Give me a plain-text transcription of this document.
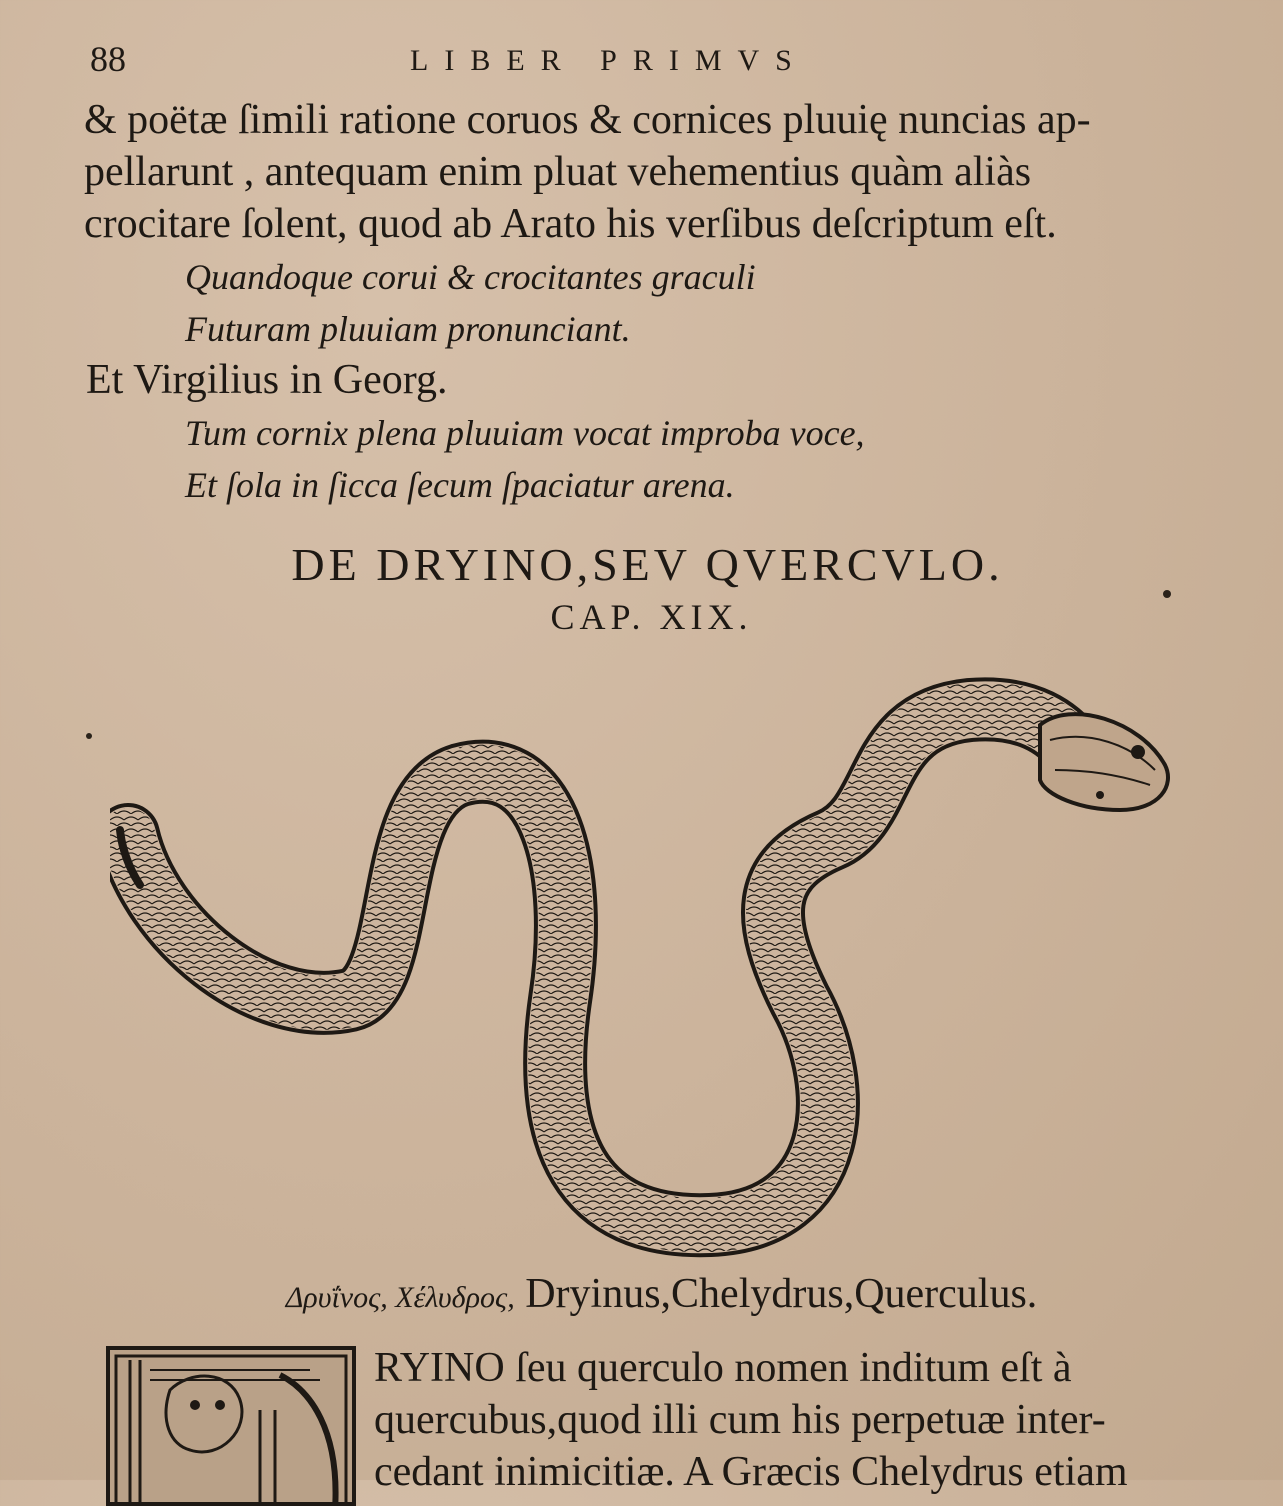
88	LIBER PRIMVS
& poëtæ ſimili ratione coruos & cornices pluuię nuncias ap-
pellarunt , antequam enim pluat vehementius quàm aliàs
crocitare ſolent, quod ab Arato his verſibus deſcriptum eſt.
Quandoque corui & crocitantes graculi
Futuram pluuiam pronunciant.
Et Virgilius in Georg.
Tum cornix plena pluuiam vocat improba voce,
Et ſola in ſicca ſecum ſpaciatur arena.
DE DRYINO,SEV QVERCVLO.
CAP. XIX.
Δρυΐνος, Χέλυδρος, Dryinus,Chelydrus,Querculus.
RYINO ſeu querculo nomen inditum eſt à
quercubus,quod illi cum his perpetuæ inter-
cedant inimicitiæ. A Græcis Chelydrus etiam
